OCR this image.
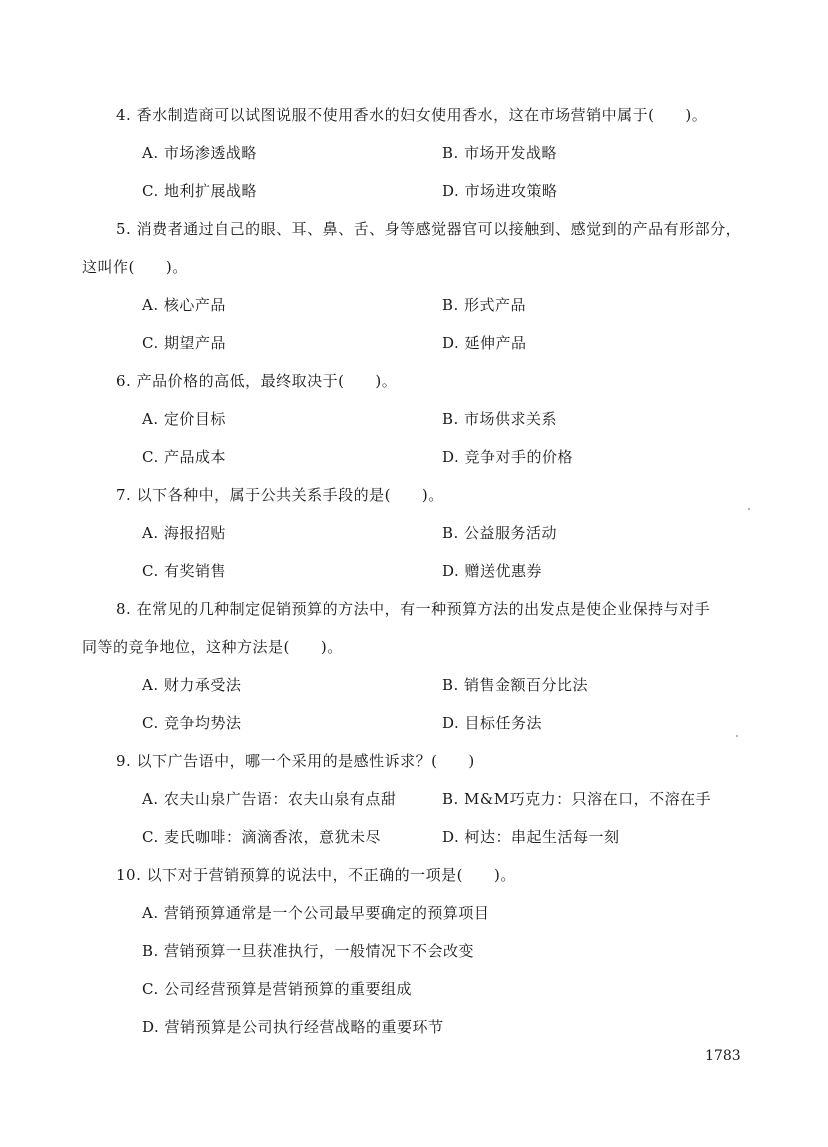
4. 香水制造商可以试图说服不使用香水的妇女使用香水，这在市场营销中属于(　　)。
A. 市场渗透战略	B. 市场开发战略
C. 地利扩展战略	D. 市场进攻策略
5. 消费者通过自己的眼、耳、鼻、舌、身等感觉器官可以接触到、感觉到的产品有形部分，
这叫作(　　)。
A. 核心产品	B. 形式产品
C. 期望产品	D. 延伸产品
6. 产品价格的高低，最终取决于(　　)。
A. 定价目标	B. 市场供求关系
C. 产品成本	D. 竞争对手的价格
7. 以下各种中，属于公共关系手段的是(　　)。
A. 海报招贴	B. 公益服务活动
C. 有奖销售	D. 赠送优惠券
8. 在常见的几种制定促销预算的方法中，有一种预算方法的出发点是使企业保持与对手
同等的竞争地位，这种方法是(　　)。
A. 财力承受法	B. 销售金额百分比法
C. 竞争均势法	D. 目标任务法
9. 以下广告语中，哪一个采用的是感性诉求？(　　)
A. 农夫山泉广告语：农夫山泉有点甜	B. M&M巧克力：只溶在口，不溶在手
C. 麦氏咖啡：滴滴香浓，意犹未尽	D. 柯达：串起生活每一刻
10. 以下对于营销预算的说法中，不正确的一项是(　　)。
A. 营销预算通常是一个公司最早要确定的预算项目
B. 营销预算一旦获准执行，一般情况下不会改变
C. 公司经营预算是营销预算的重要组成
D. 营销预算是公司执行经营战略的重要环节
1783
